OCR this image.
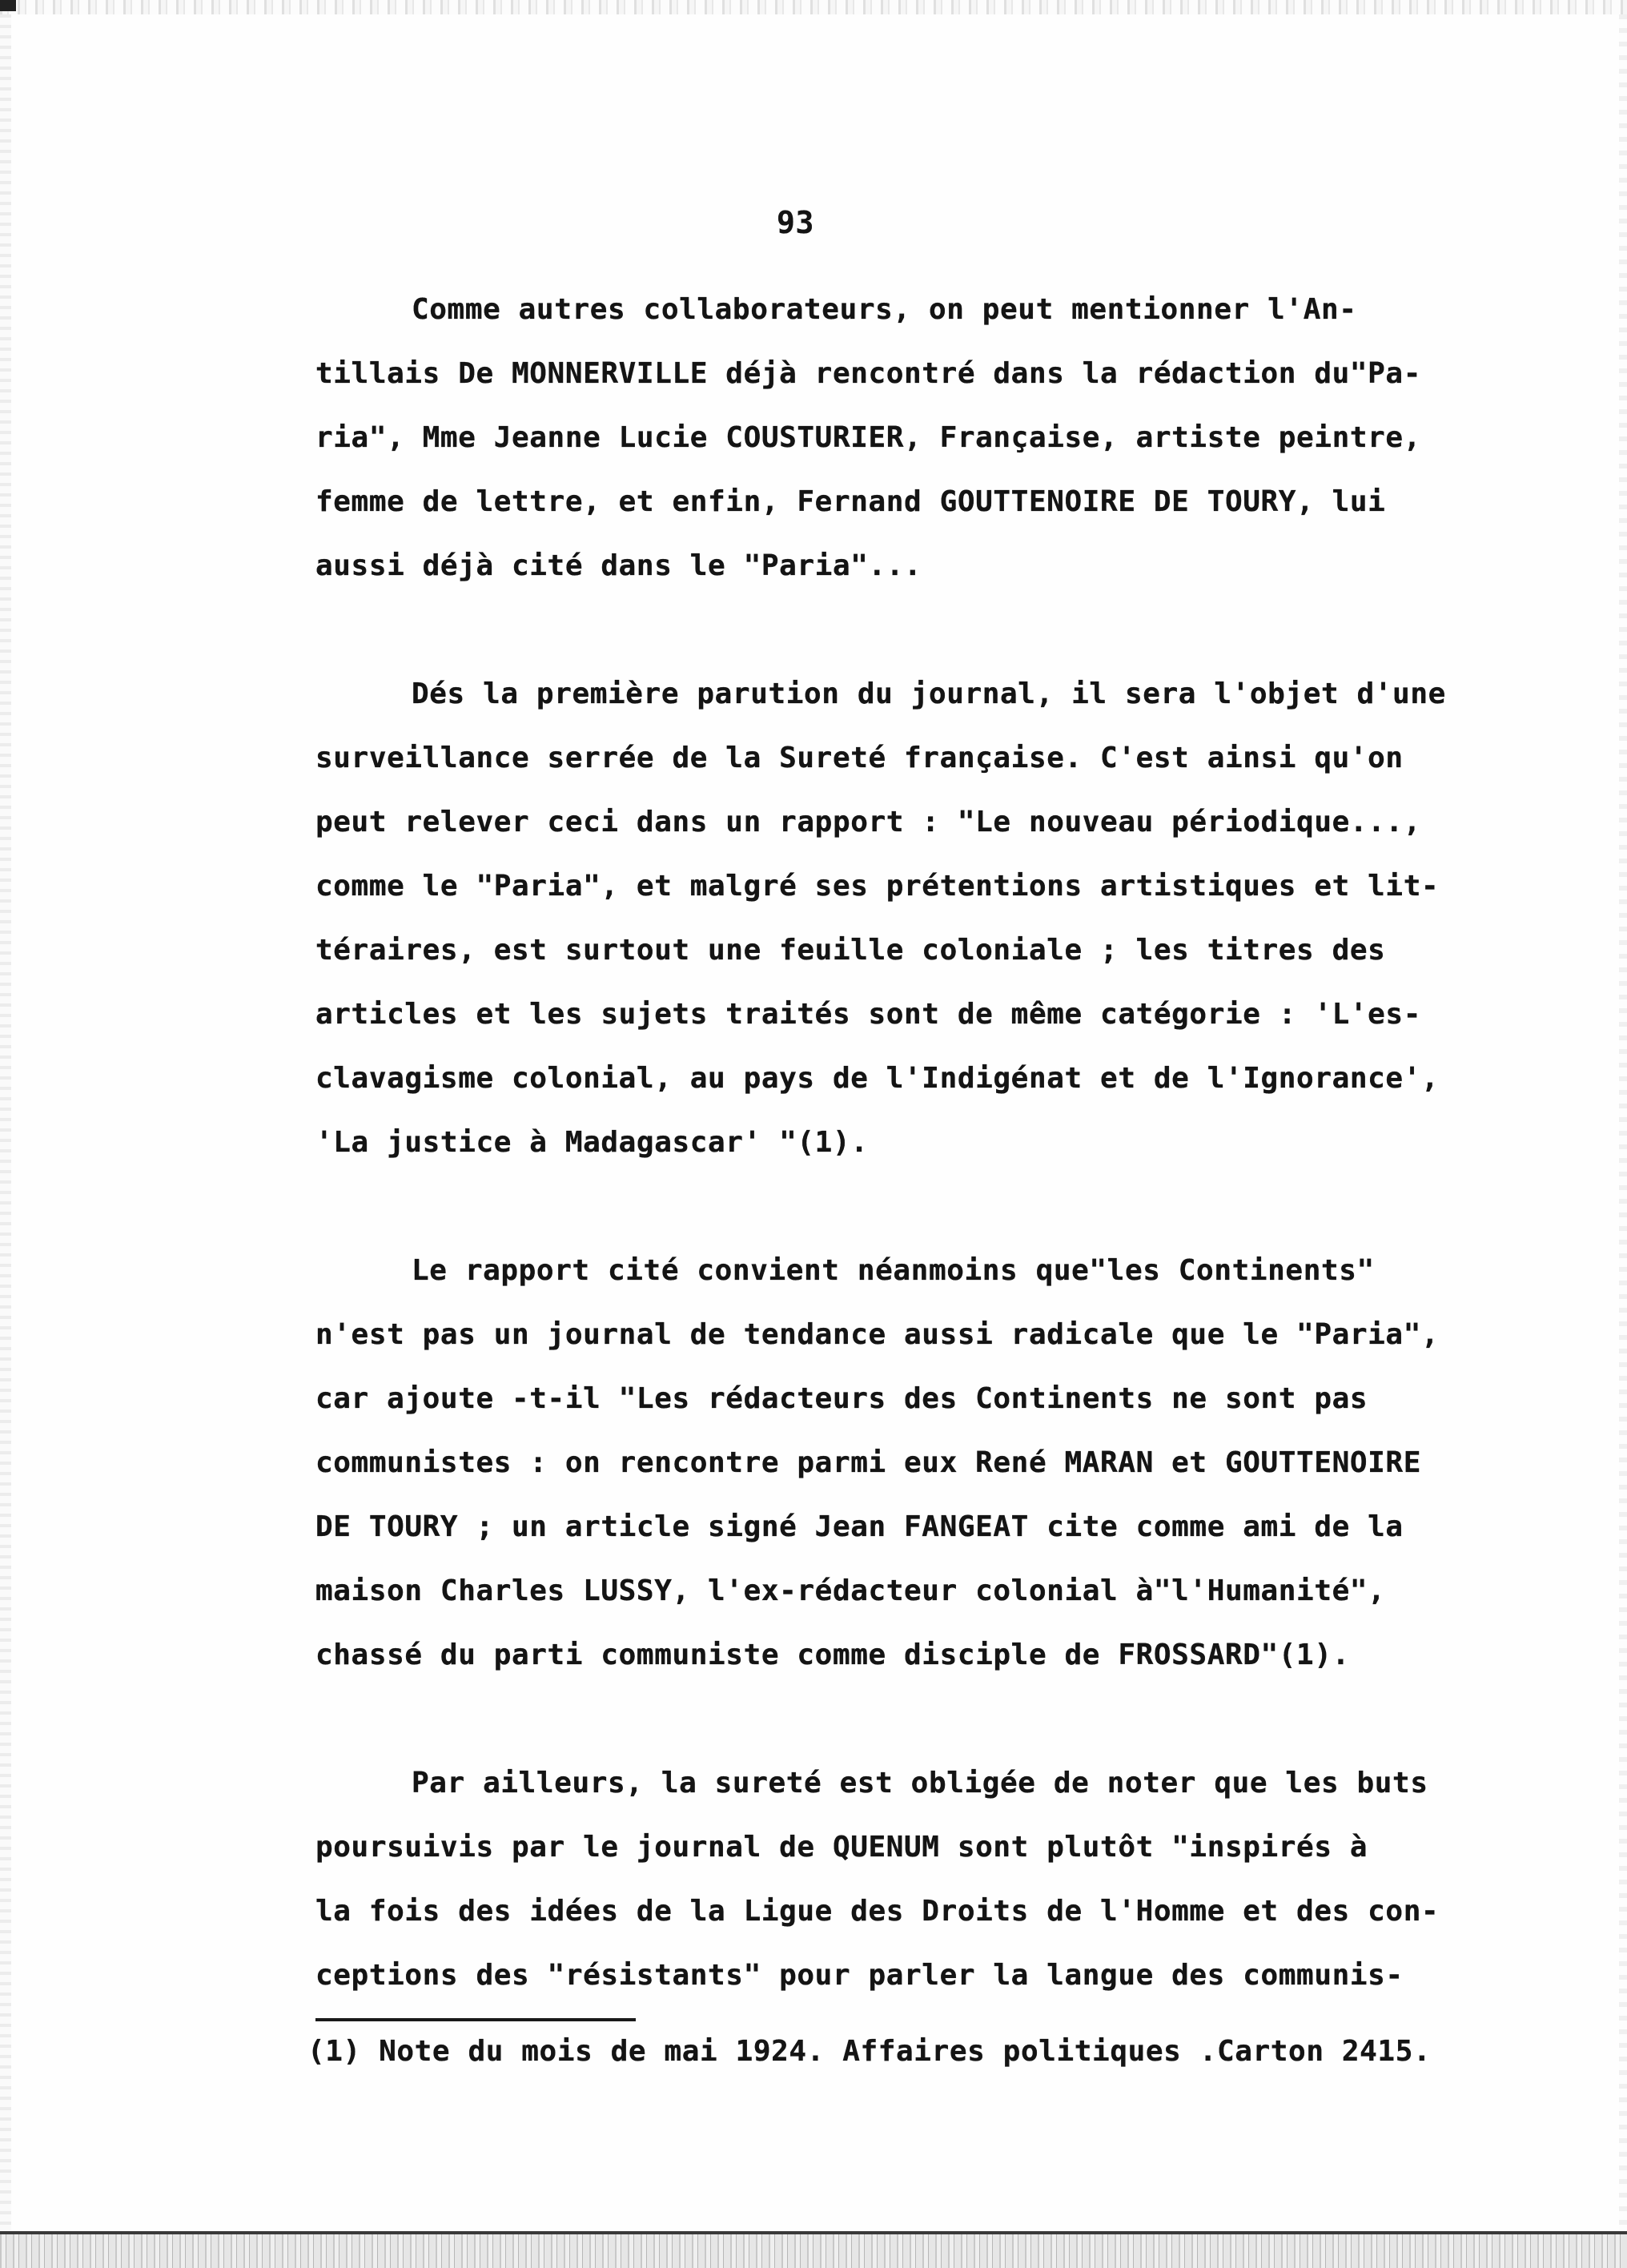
93
Comme autres collaborateurs, on peut mentionner l'An-
tillais De MONNERVILLE déjà rencontré dans la rédaction du"Pa-
ria", Mme Jeanne Lucie COUSTURIER, Française, artiste peintre,
femme de lettre, et enfin, Fernand GOUTTENOIRE DE TOURY, lui
aussi déjà cité dans le "Paria"...
Dés la première parution du journal, il sera l'objet d'une
surveillance serrée de la Sureté française. C'est ainsi qu'on
peut relever ceci dans un rapport : "Le nouveau périodique...,
comme le "Paria", et malgré ses prétentions artistiques et lit-
téraires, est surtout une feuille coloniale ; les titres des
articles et les sujets traités sont de même catégorie : 'L'es-
clavagisme colonial, au pays de l'Indigénat et de l'Ignorance',
'La justice à Madagascar' "(1).
Le rapport cité convient néanmoins que"les Continents"
n'est pas un journal de tendance aussi radicale que le "Paria",
car ajoute -t-il "Les rédacteurs des Continents ne sont pas
communistes : on rencontre parmi eux René MARAN et GOUTTENOIRE
DE TOURY ; un article signé Jean FANGEAT cite comme ami de la
maison Charles LUSSY, l'ex-rédacteur colonial à"l'Humanité",
chassé du parti communiste comme disciple de FROSSARD"(1).
Par ailleurs, la sureté est obligée de noter que les buts
poursuivis par le journal de QUENUM sont plutôt "inspirés à
la fois des idées de la Ligue des Droits de l'Homme et des con-
ceptions des "résistants" pour parler la langue des communis-
(1) Note du mois de mai 1924. Affaires politiques .Carton 2415.
